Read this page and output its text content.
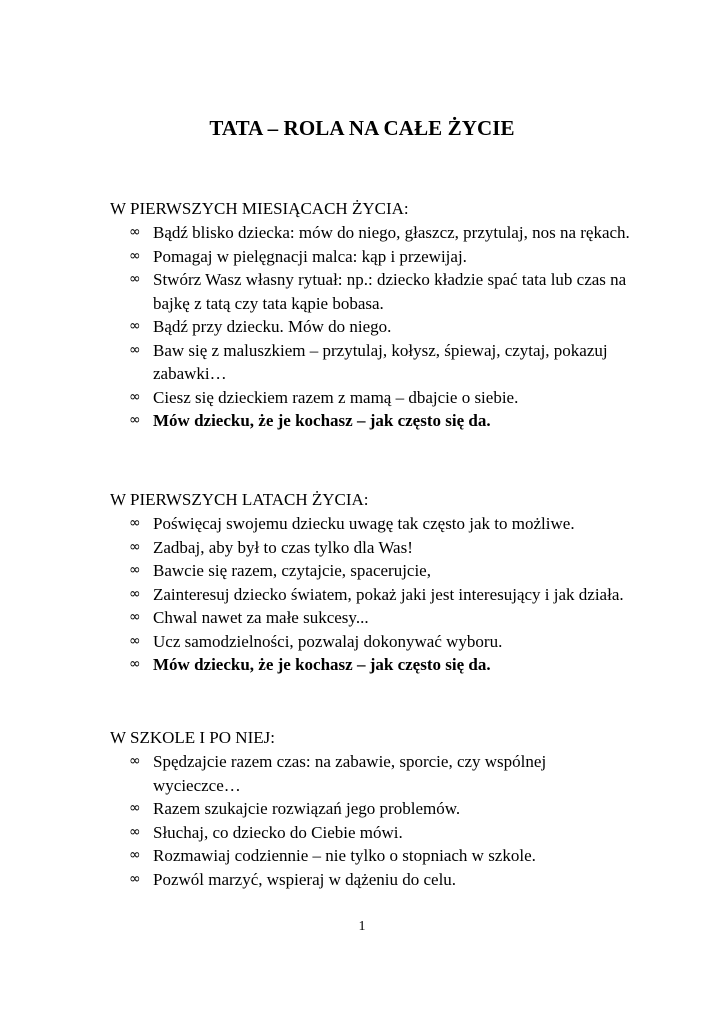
TATA – ROLA NA CAŁE ŻYCIE
W PIERWSZYCH MIESIĄCACH ŻYCIA:
∞ Bądź blisko dziecka: mów do niego, głaszcz, przytulaj, nos na rękach.
∞ Pomagaj w pielęgnacji malca: kąp i przewijaj.
∞ Stwórz Wasz własny rytuał: np.: dziecko kładzie spać tata lub czas na bajkę z tatą czy tata kąpie bobasa.
∞ Bądź przy dziecku. Mów do niego.
∞ Baw się z maluszkiem – przytulaj, kołysz, śpiewaj, czytaj, pokazuj zabawki…
∞ Ciesz się dzieckiem razem z mamą – dbajcie o siebie.
∞ Mów dziecku, że je kochasz – jak często się da.
W PIERWSZYCH LATACH ŻYCIA:
∞ Poświęcaj swojemu dziecku uwagę tak często jak to możliwe.
∞ Zadbaj, aby był to czas tylko dla Was!
∞ Bawcie się razem, czytajcie, spacerujcie,
∞ Zainteresuj dziecko światem, pokaż jaki jest interesujący i jak działa.
∞ Chwal nawet za małe sukcesy...
∞ Ucz samodzielności, pozwalaj dokonywać wyboru.
∞ Mów dziecku, że je kochasz – jak często się da.
W SZKOLE I PO NIEJ:
∞ Spędzajcie razem czas: na zabawie, sporcie, czy wspólnej wycieczce…
∞ Razem szukajcie rozwiązań jego problemów.
∞ Słuchaj, co dziecko do Ciebie mówi.
∞ Rozmawiaj codziennie – nie tylko o stopniach w szkole.
∞ Pozwól marzyć, wspieraj w dążeniu do celu.
1
